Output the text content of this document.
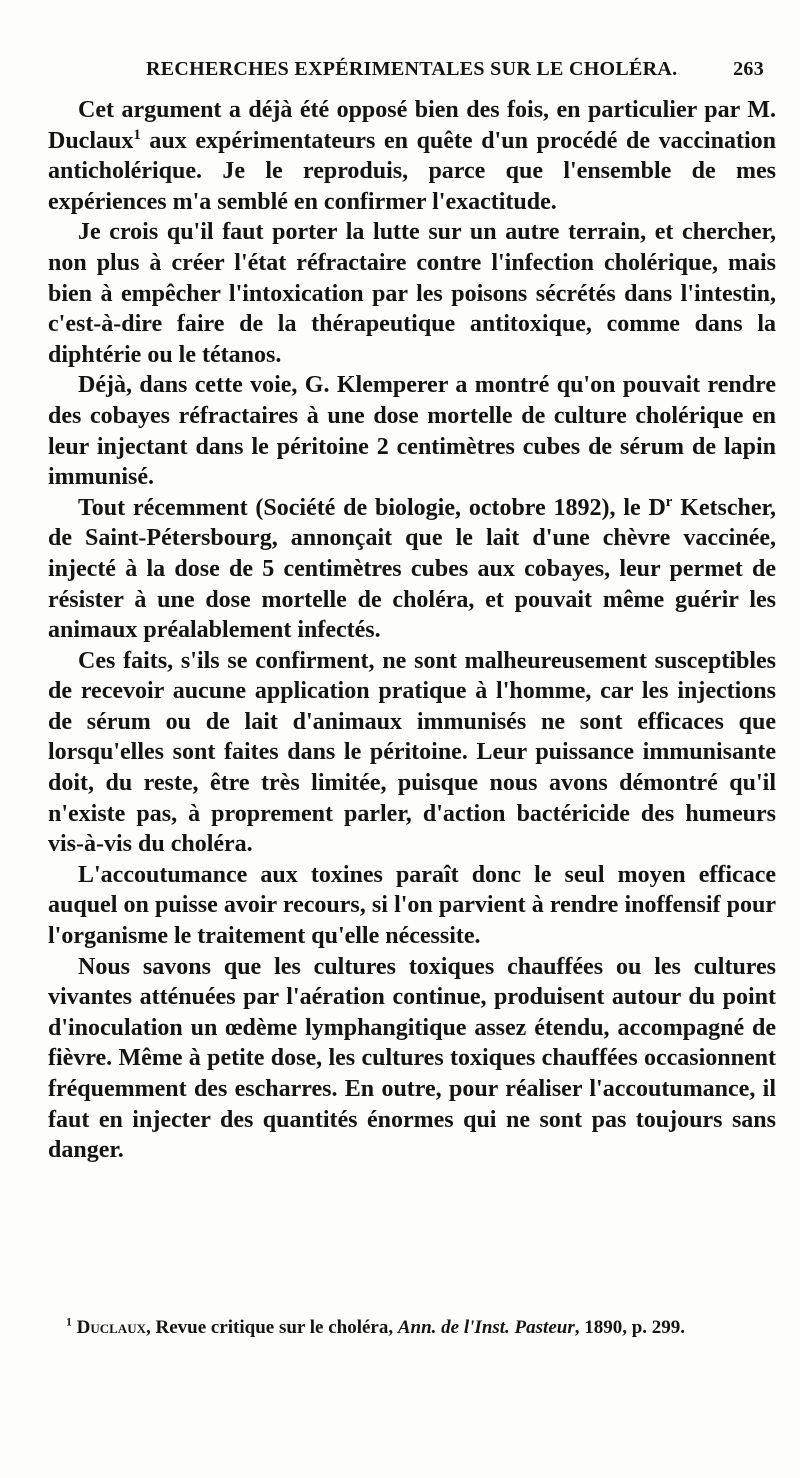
RECHERCHES EXPÉRIMENTALES SUR LE CHOLÉRA.	263

Cet argument a déjà été opposé bien des fois, en particulier par M. Duclaux$^1$ aux expérimentateurs en quête d'un procédé de vaccination anticholérique. Je le reproduis, parce que l'ensemble de mes expériences m'a semblé en confirmer l'exactitude.

Je crois qu'il faut porter la lutte sur un autre terrain, et chercher, non plus à créer l'état réfractaire contre l'infection cholérique, mais bien à empêcher l'intoxication par les poisons sécrétés dans l'intestin, c'est-à-dire faire de la thérapeutique antitoxique, comme dans la diphtérie ou le tétanos.

Déjà, dans cette voie, G. Klemperer a montré qu'on pouvait rendre des cobayes réfractaires à une dose mortelle de culture cholérique en leur injectant dans le péritoine 2 centimètres cubes de sérum de lapin immunisé.

Tout récemment (Société de biologie, octobre 1892), le $D^r$ Ketscher, de Saint-Pétersbourg, annonçait que le lait d'une chèvre vaccinée, injecté à la dose de 5 centimètres cubes aux cobayes, leur permet de résister à une dose mortelle de choléra, et pouvait même guérir les animaux préalablement infectés.

Ces faits, s'ils se confirment, ne sont malheureusement susceptibles de recevoir aucune application pratique à l'homme, car les injections de sérum ou de lait d'animaux immunisés ne sont efficaces que lorsqu'elles sont faites dans le péritoine. Leur puissance immunisante doit, du reste, être très limitée, puisque nous avons démontré qu'il n'existe pas, à proprement parler, d'action bactéricide des humeurs vis-à-vis du choléra.

L'accoutumance aux toxines paraît donc le seul moyen efficace auquel on puisse avoir recours, si l'on parvient à rendre inoffensif pour l'organisme le traitement qu'elle nécessite.

Nous savons que les cultures toxiques chauffées ou les cultures vivantes atténuées par l'aération continue, produisent autour du point d'inoculation un œdème lymphangitique assez étendu, accompagné de fièvre. Même à petite dose, les cultures toxiques chauffées occasionnent fréquemment des escharres. En outre, pour réaliser l'accoutumance, il faut en injecter des quantités énormes qui ne sont pas toujours sans danger.

$^1$ Duclaux, Revue critique sur le choléra, Ann. de l'Inst. Pasteur, 1890, p. 299.
